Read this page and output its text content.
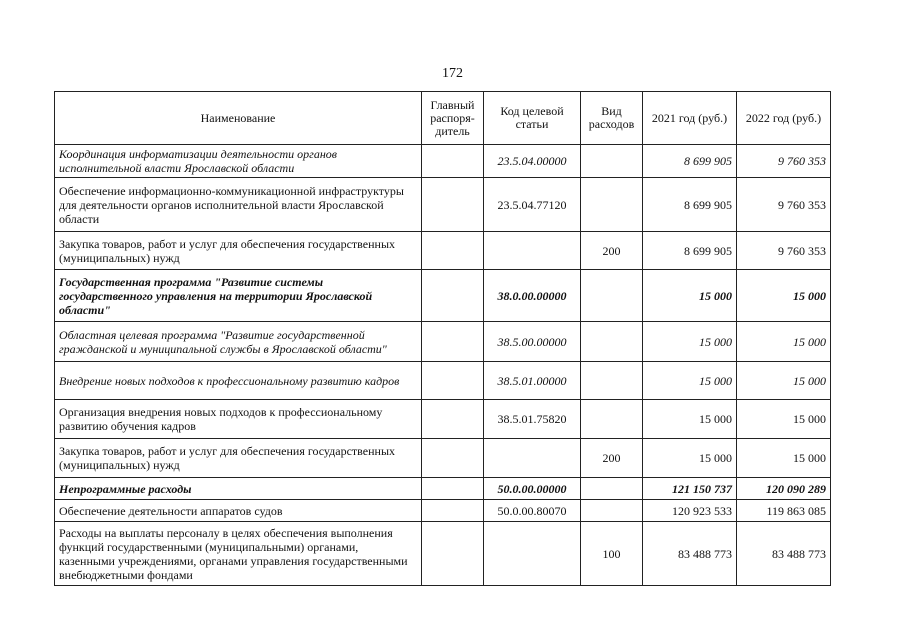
172
Наименование	Главный распоря- дитель	Код целевой статьи	Вид расходов	2021 год (руб.)	2022 год (руб.)
Координация информатизации деятельности органов исполнительной власти Ярославской области		23.5.04.00000		8 699 905	9 760 353
Обеспечение информационно-коммуникационной инфраструктуры для деятельности органов исполнительной власти Ярославской области		23.5.04.77120		8 699 905	9 760 353
Закупка товаров, работ и услуг для обеспечения государственных (муниципальных) нужд			200	8 699 905	9 760 353
Государственная программа "Развитие системы государственного управления на территории Ярославской области"		38.0.00.00000		15 000	15 000
Областная целевая программа "Развитие государственной гражданской и муниципальной службы в Ярославской области"		38.5.00.00000		15 000	15 000
Внедрение новых подходов к профессиональному развитию кадров		38.5.01.00000		15 000	15 000
Организация внедрения новых подходов к профессиональному развитию обучения кадров		38.5.01.75820		15 000	15 000
Закупка товаров, работ и услуг для обеспечения государственных (муниципальных) нужд			200	15 000	15 000
Непрограммные расходы		50.0.00.00000		121 150 737	120 090 289
Обеспечение деятельности аппаратов судов		50.0.00.80070		120 923 533	119 863 085
Расходы на выплаты персоналу в целях обеспечения выполнения функций государственными (муниципальными) органами, казенными учреждениями, органами управления государственными внебюджетными фондами			100	83 488 773	83 488 773
